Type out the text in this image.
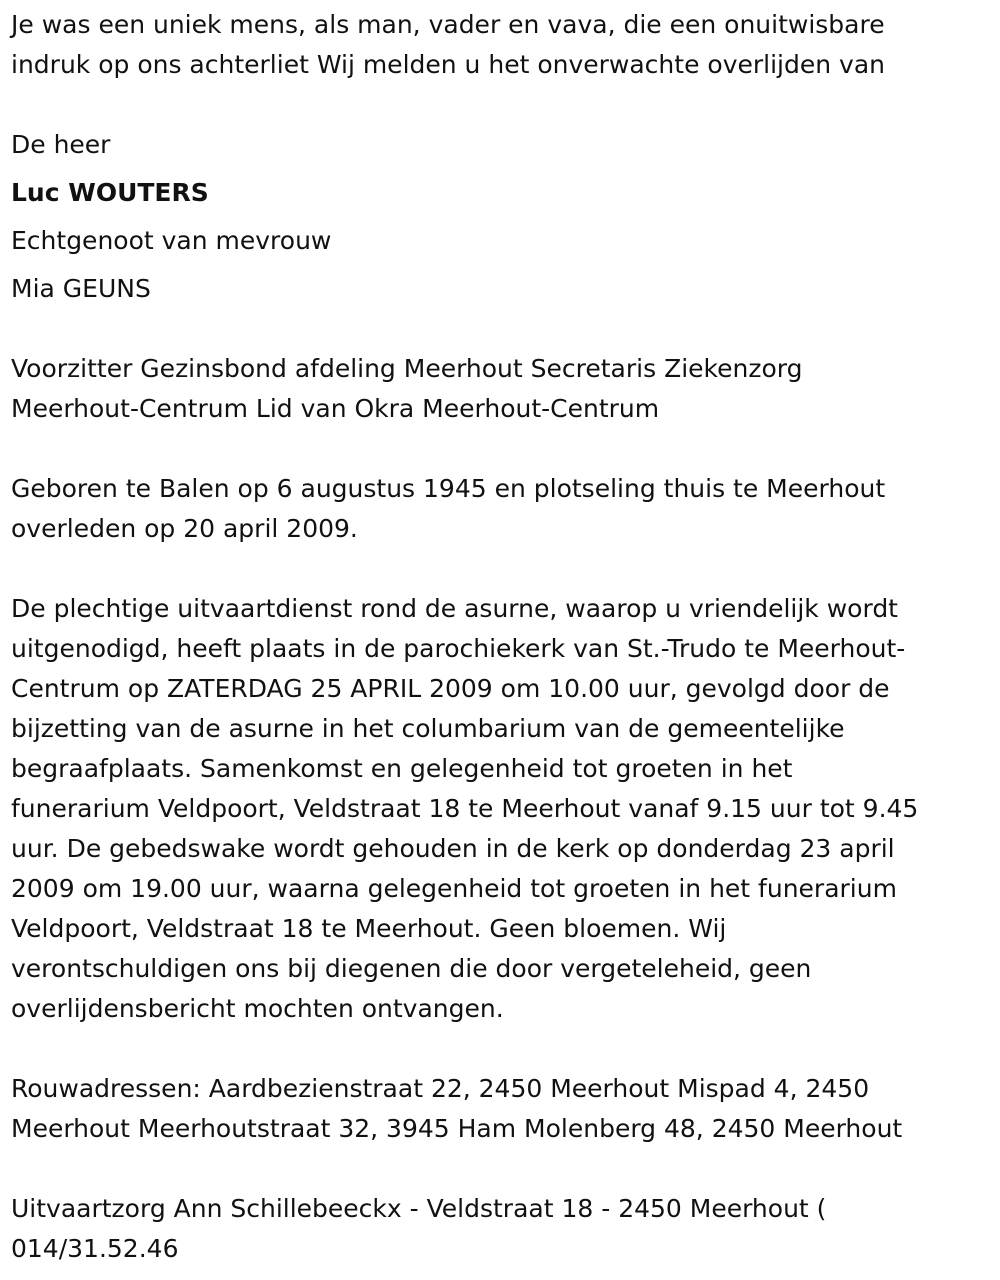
Je was een uniek mens, als man, vader en vava, die een onuitwisbare
indruk op ons achterliet Wij melden u het onverwachte overlijden van
De heer
Luc WOUTERS
Echtgenoot van mevrouw
Mia GEUNS
Voorzitter Gezinsbond afdeling Meerhout Secretaris Ziekenzorg
Meerhout-Centrum Lid van Okra Meerhout-Centrum
Geboren te Balen op 6 augustus 1945 en plotseling thuis te Meerhout
overleden op 20 april 2009.
De plechtige uitvaartdienst rond de asurne, waarop u vriendelijk wordt
uitgenodigd, heeft plaats in de parochiekerk van St.-Trudo te Meerhout-
Centrum op ZATERDAG 25 APRIL 2009 om 10.00 uur, gevolgd door de
bijzetting van de asurne in het columbarium van de gemeentelijke
begraafplaats. Samenkomst en gelegenheid tot groeten in het
funerarium Veldpoort, Veldstraat 18 te Meerhout vanaf 9.15 uur tot 9.45
uur. De gebedswake wordt gehouden in de kerk op donderdag 23 april
2009 om 19.00 uur, waarna gelegenheid tot groeten in het funerarium
Veldpoort, Veldstraat 18 te Meerhout. Geen bloemen. Wij
verontschuldigen ons bij diegenen die door vergeteleheid, geen
overlijdensbericht mochten ontvangen.
Rouwadressen: Aardbezienstraat 22, 2450 Meerhout Mispad 4, 2450
Meerhout Meerhoutstraat 32, 3945 Ham Molenberg 48, 2450 Meerhout
Uitvaartzorg Ann Schillebeeckx - Veldstraat 18 - 2450 Meerhout (
014/31.52.46
